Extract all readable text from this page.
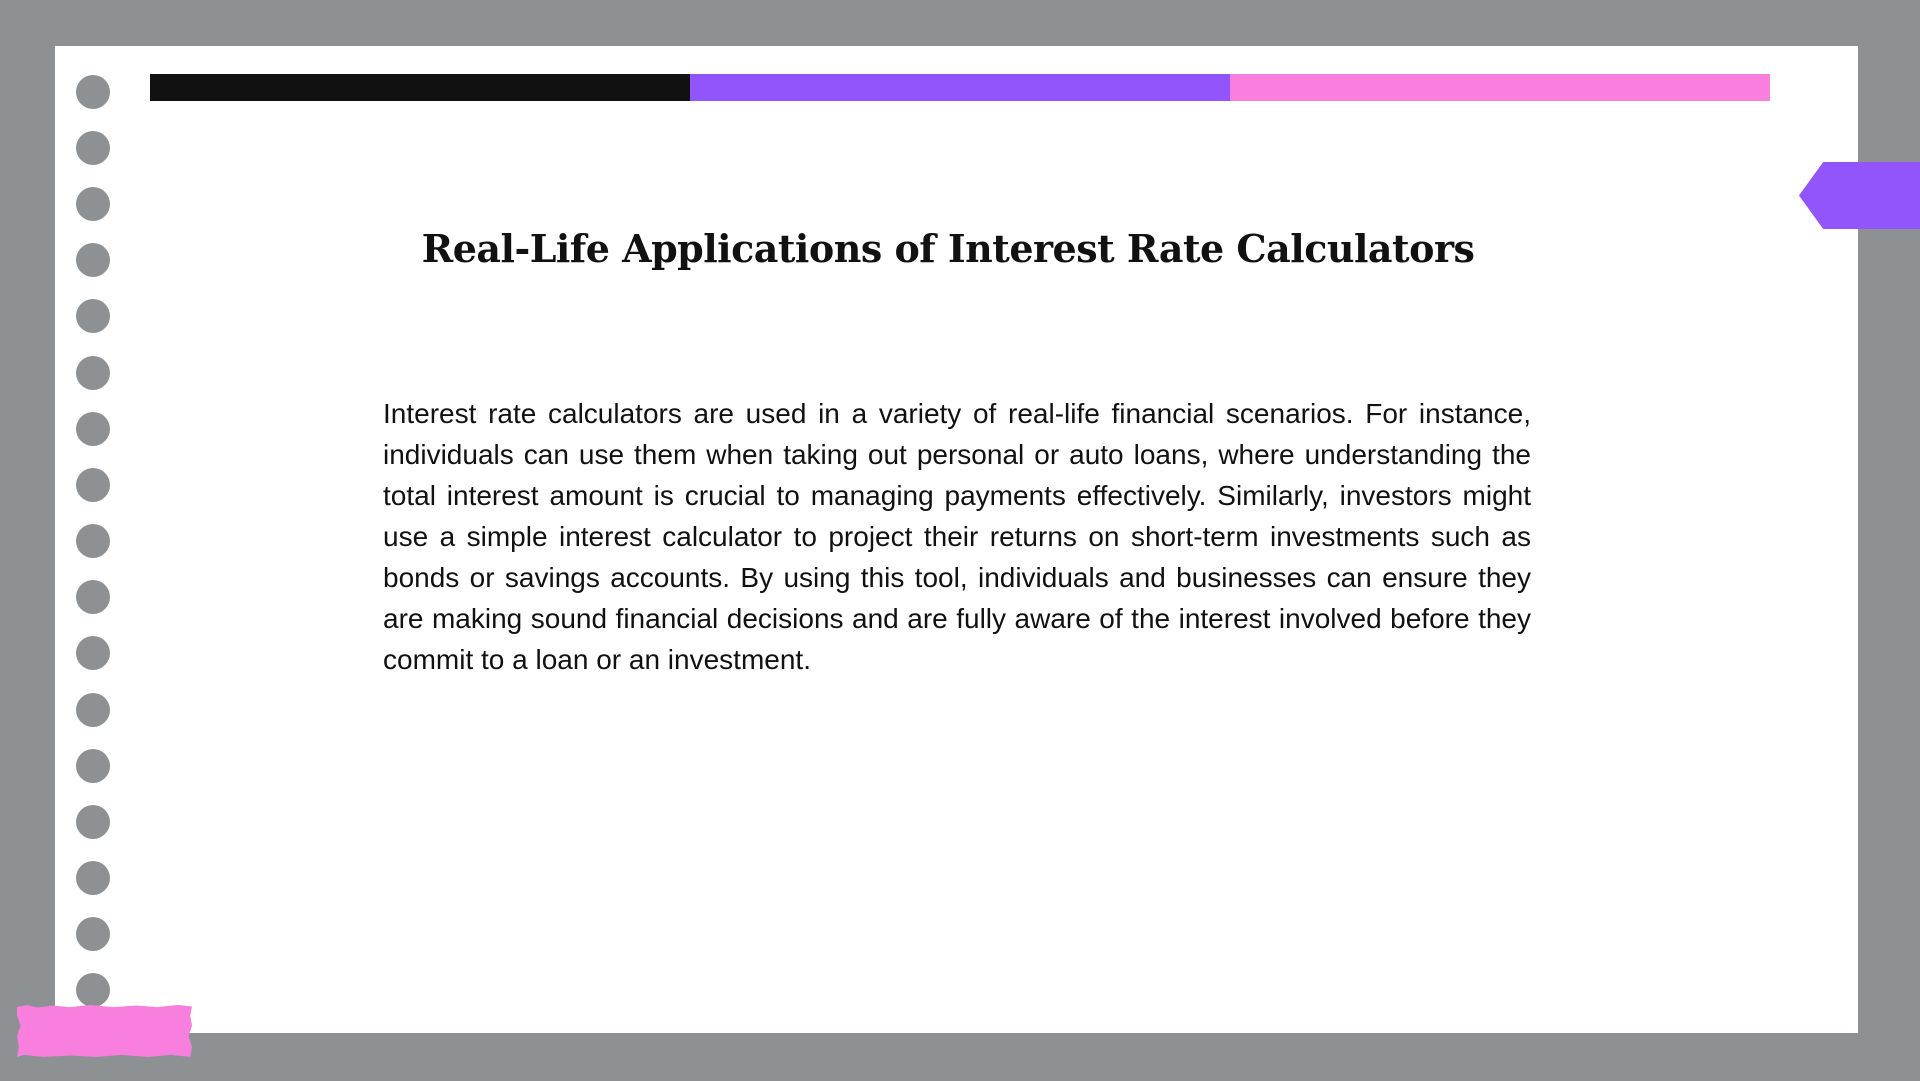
Real-Life Applications of Interest Rate Calculators

Interest rate calculators are used in a variety of real-life financial scenarios. For instance, individuals can use them when taking out personal or auto loans, where understanding the total interest amount is crucial to managing payments effectively. Similarly, investors might use a simple interest calculator to project their returns on short-term investments such as bonds or savings accounts. By using this tool, individuals and businesses can ensure they are making sound financial decisions and are fully aware of the interest involved before they commit to a loan or an investment.
